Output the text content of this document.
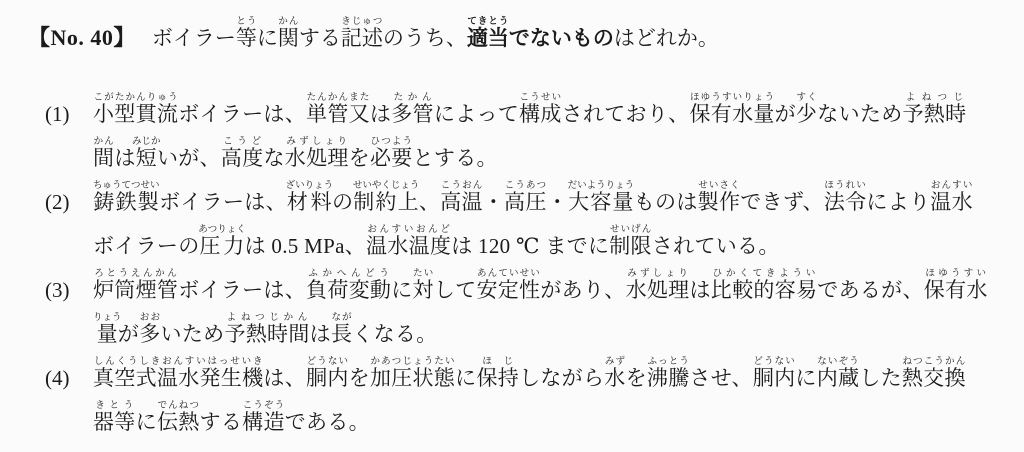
【No. 40】 ボイラー等とうに関かんする記述きじゅつのうち、適当てきとうでないものはどれか。
(1)	小型貫流こがたかんりゅうボイラーは、単管又たんかんまたは多管たかんによって構成こうせいされており、保有水量ほゆうすいりょうが少すくないため予熱時よねつじ
間かんは短みじかいが、高度こうどな水処理みずしょりを必要ひつようとする。
(2)	鋳鉄製ちゅうてつせいボイラーは、材料ざいりょうの制約上せいやくじょう、高温こうおん・高圧こうあつ・大容量だいようりょうものは製作せいさくできず、法令ほうれいにより温水おんすい
ボイラーの圧力あつりょくは 0.5 MPa、温水温度おんすいおんどは 120 ℃ までに制限せいげんされている。
(3)	炉筒煙管ろとうえんかんボイラーは、負荷変動ふかへんどうに対たいして安定性あんていせいがあり、水処理みずしょりは比較的容易ひかくてきよういであるが、保有水ほゆうすい
量りょうが多おおいため予熱時間よねつじかんは長ながくなる。
(4)	真空式温水発生機しんくうしきおんすいはっせいきは、胴内どうないを加圧状態かあつじょうたいに保持ほじしながら水みずを沸騰ふっとうさせ、胴内どうないに内蔵ないぞうした熱交換ねつこうかん
器等きとうに伝熱でんねつする構造こうぞうである。
